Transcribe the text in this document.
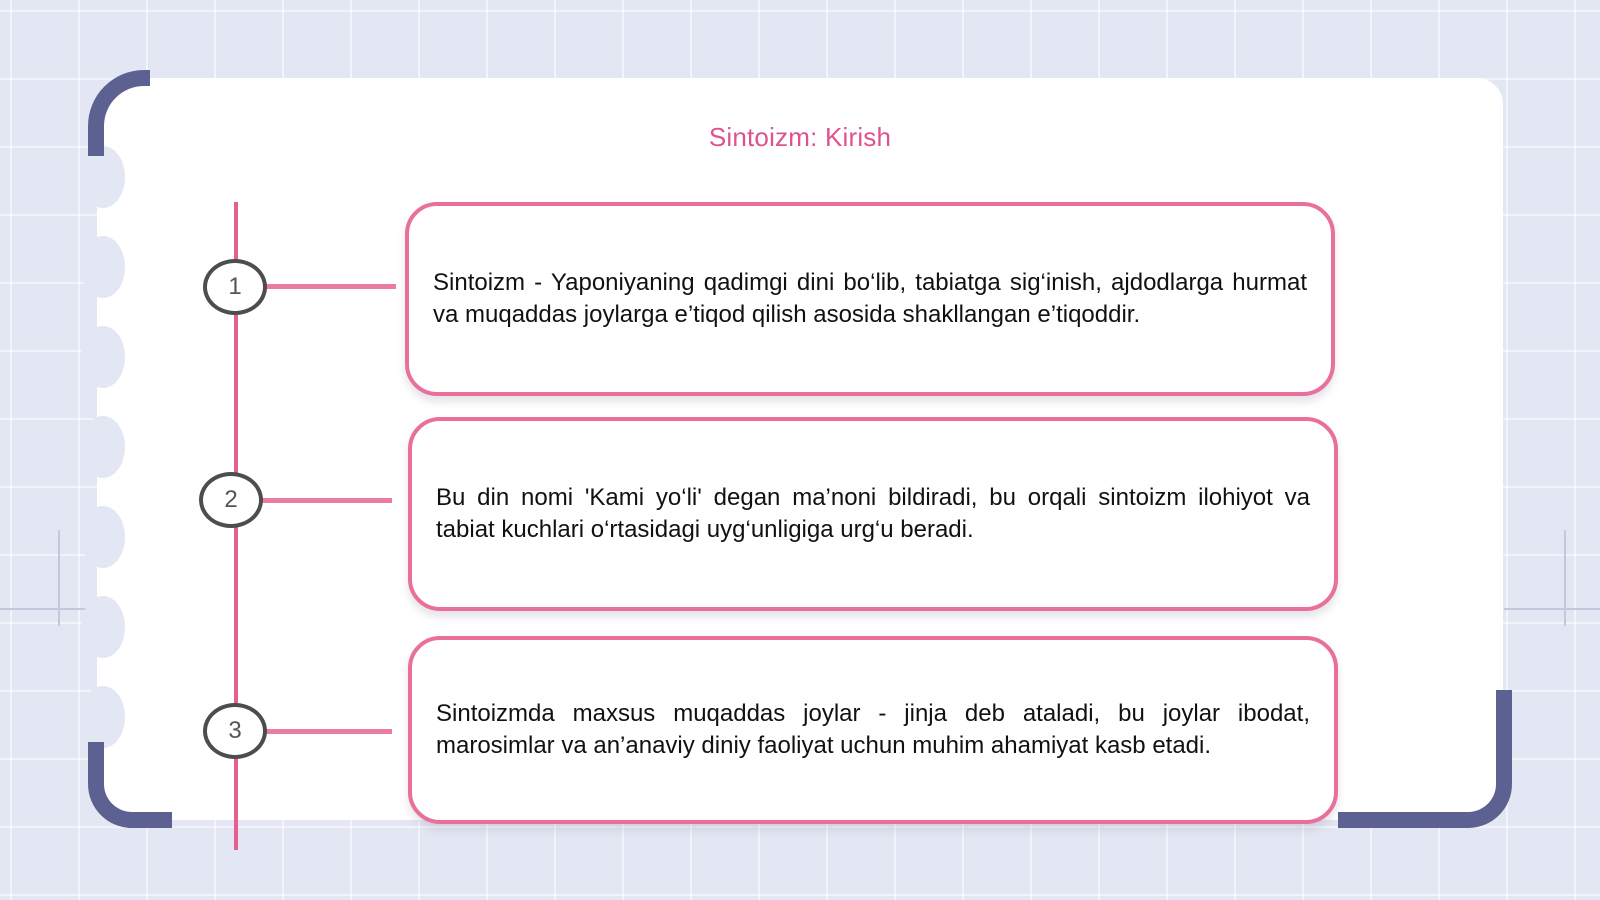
Sintoizm: Kirish
1
2
3

Sintoizm - Yaponiyaning qadimgi dini bo‘lib, tabiatga sig‘inish, ajdodlarga hurmat va muqaddas joylarga e’tiqod qilish asosida shakllangan e’tiqoddir.

Bu din nomi 'Kami yo‘li' degan ma’noni bildiradi, bu orqali sintoizm ilohiyot va tabiat kuchlari o‘rtasidagi uyg‘unligiga urg‘u beradi.

Sintoizmda maxsus muqaddas joylar - jinja deb ataladi, bu joylar ibodat, marosimlar va an’anaviy diniy faoliyat uchun muhim ahamiyat kasb etadi.
